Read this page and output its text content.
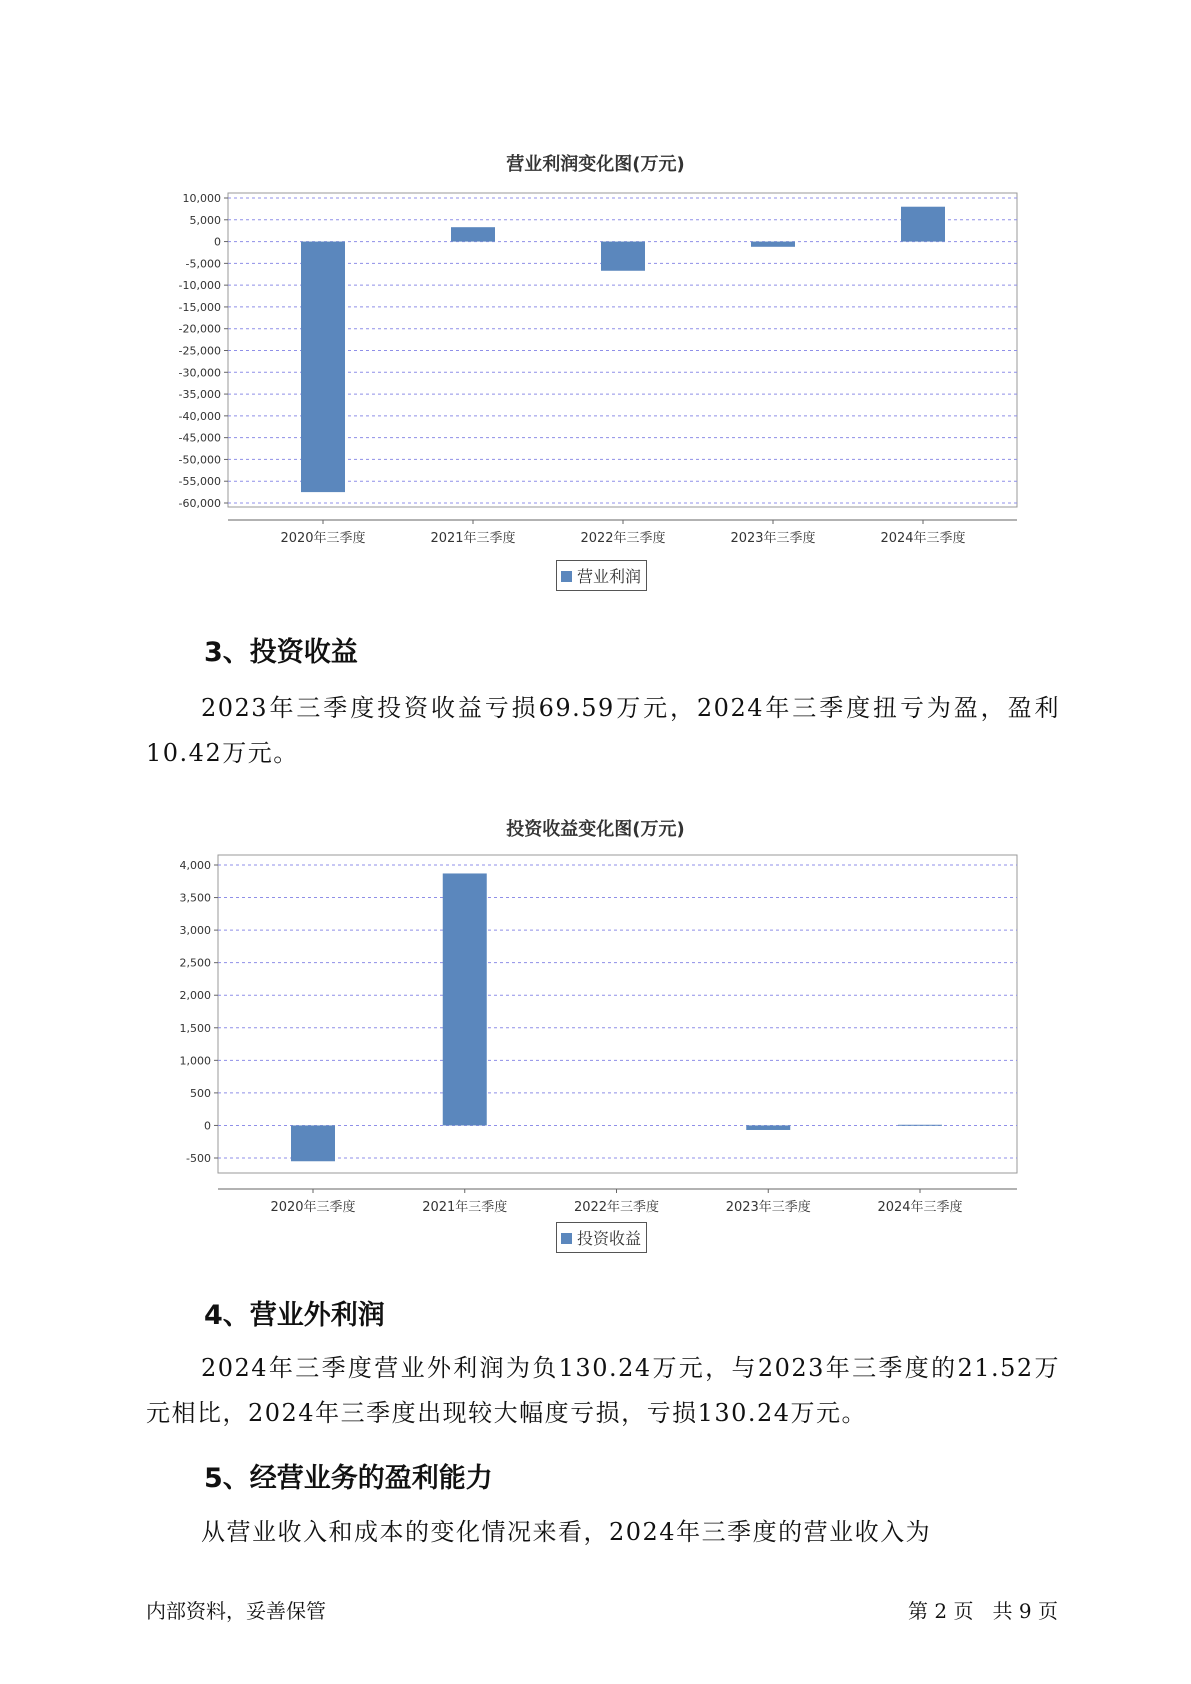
营业利润变化图(万元)
10,000
5,000
0
-5,000
-10,000
-15,000
-20,000
-25,000
-30,000
-35,000
-40,000
-45,000
-50,000
-55,000
-60,000
2020年三季度	2021年三季度	2022年三季度	2023年三季度	2024年三季度
营业利润
3、投资收益
2023年三季度投资收益亏损69.59万元，2024年三季度扭亏为盈，盈利10.42万元。
投资收益变化图(万元)
4,000
3,500
3,000
2,500
2,000
1,500
1,000
500
0
-500
2020年三季度	2021年三季度	2022年三季度	2023年三季度	2024年三季度
投资收益
4、营业外利润
2024年三季度营业外利润为负130.24万元，与2023年三季度的21.52万元相比，2024年三季度出现较大幅度亏损，亏损130.24万元。
5、经营业务的盈利能力
从营业收入和成本的变化情况来看，2024年三季度的营业收入为
内部资料，妥善保管	第 2 页   共 9 页
